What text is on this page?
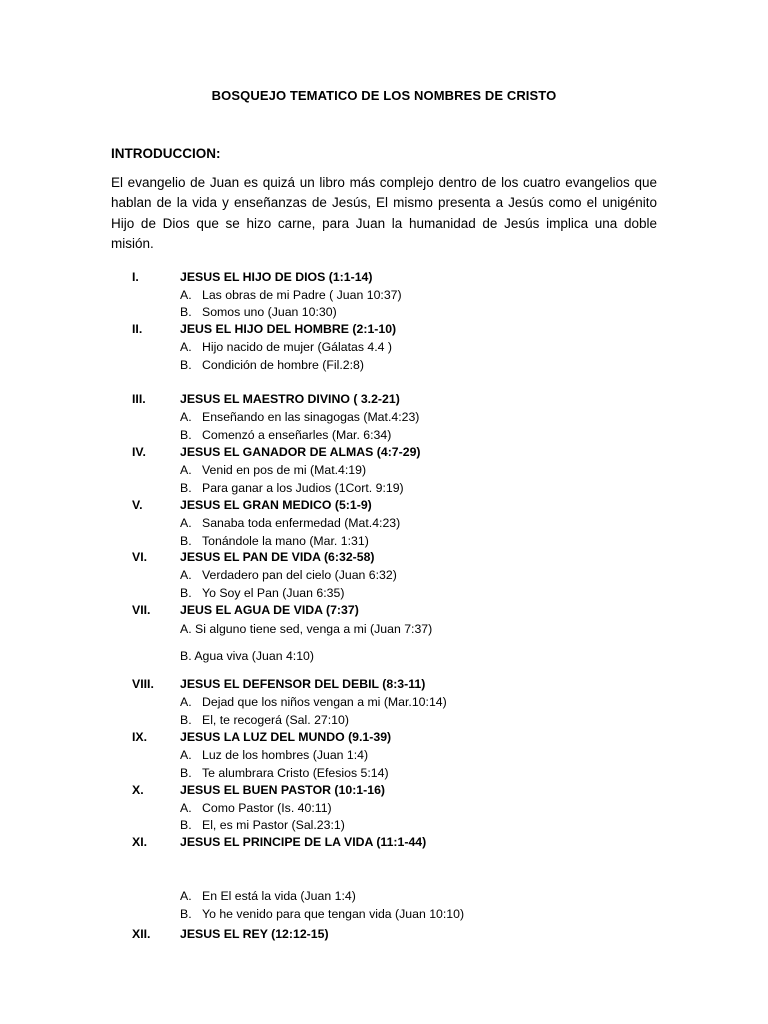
BOSQUEJO TEMATICO DE LOS NOMBRES DE CRISTO
INTRODUCCION:
El evangelio de Juan es quizá un libro más complejo dentro de los cuatro evangelios que hablan de la vida y enseñanzas de Jesús, El mismo presenta a Jesús como el unigénito Hijo de Dios que se hizo carne, para Juan la humanidad de Jesús implica una doble misión.
I.	JESUS EL HIJO DE DIOS (1:1-14)
A. Las obras de mi Padre ( Juan 10:37)
B. Somos uno (Juan 10:30)
II.	JEUS EL HIJO DEL HOMBRE (2:1-10)
A. Hijo nacido de mujer (Gálatas 4.4 )
B. Condición de hombre (Fil.2:8)
III.	JESUS EL MAESTRO DIVINO ( 3.2-21)
A. Enseñando en las sinagogas (Mat.4:23)
B. Comenzó a enseñarles (Mar. 6:34)
IV.	JESUS EL GANADOR DE ALMAS (4:7-29)
A. Venid en pos de mi (Mat.4:19)
B. Para ganar a los Judios (1Cort. 9:19)
V.	JESUS EL GRAN MEDICO (5:1-9)
A. Sanaba toda enfermedad (Mat.4:23)
B. Tonándole la mano (Mar. 1:31)
VI.	JESUS EL PAN DE VIDA (6:32-58)
A. Verdadero pan del cielo (Juan 6:32)
B. Yo Soy el Pan (Juan 6:35)
VII. JEUS EL AGUA DE VIDA (7:37)
A. Si alguno tiene sed, venga a mi (Juan 7:37)
B. Agua viva (Juan 4:10)
VIII. JESUS EL DEFENSOR DEL DEBIL (8:3-11)
A. Dejad que los niños vengan a mi (Mar.10:14)
B. El, te recogerá (Sal. 27:10)
IX.	JESUS LA LUZ DEL MUNDO (9.1-39)
A. Luz de los hombres (Juan 1:4)
B. Te alumbrara Cristo (Efesios 5:14)
X.	JESUS EL BUEN PASTOR (10:1-16)
A. Como Pastor (Is. 40:11)
B. El, es mi Pastor (Sal.23:1)
XI.	JESUS EL PRINCIPE DE LA VIDA (11:1-44)
A. En El está la vida (Juan 1:4)
B. Yo he venido para que tengan vida (Juan 10:10)
XII. JESUS EL REY (12:12-15)
